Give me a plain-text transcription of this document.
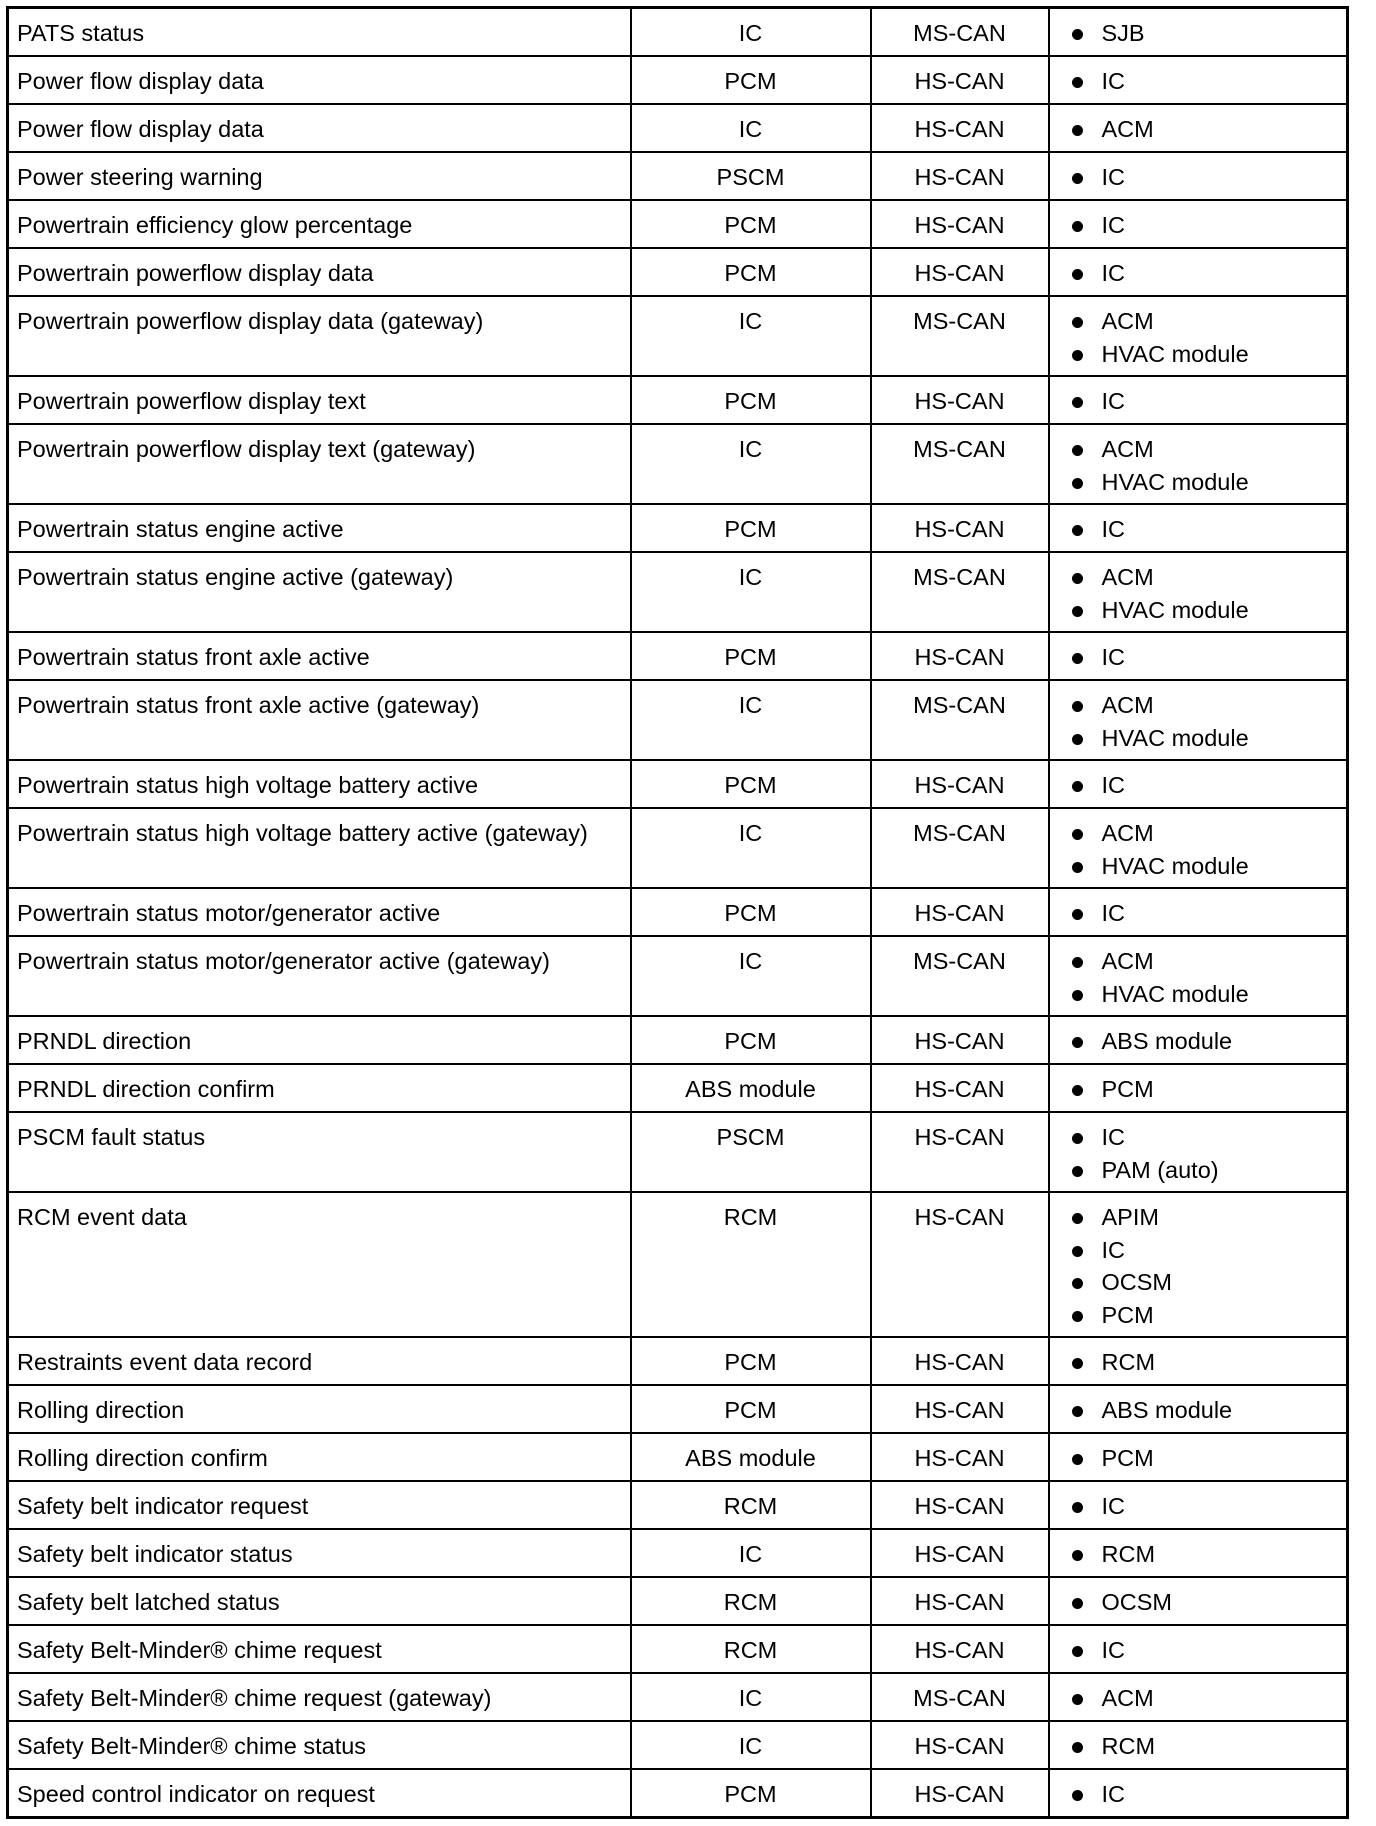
PATS status	IC	MS-CAN	SJB

Power flow display data	PCM	HS-CAN	IC

Power flow display data	IC	HS-CAN	ACM

Power steering warning	PSCM	HS-CAN	IC

Powertrain efficiency glow percentage	PCM	HS-CAN	IC

Powertrain powerflow display data	PCM	HS-CAN	IC

Powertrain powerflow display data (gateway)	IC	MS-CAN	ACM
HVAC module

Powertrain powerflow display text	PCM	HS-CAN	IC

Powertrain powerflow display text (gateway)	IC	MS-CAN	ACM
HVAC module

Powertrain status engine active	PCM	HS-CAN	IC

Powertrain status engine active (gateway)	IC	MS-CAN	ACM
HVAC module

Powertrain status front axle active	PCM	HS-CAN	IC

Powertrain status front axle active (gateway)	IC	MS-CAN	ACM
HVAC module

Powertrain status high voltage battery active	PCM	HS-CAN	IC

Powertrain status high voltage battery active (gateway)	IC	MS-CAN	ACM
HVAC module

Powertrain status motor/generator active	PCM	HS-CAN	IC

Powertrain status motor/generator active (gateway)	IC	MS-CAN	ACM
HVAC module

PRNDL direction	PCM	HS-CAN	ABS module

PRNDL direction confirm	ABS module	HS-CAN	PCM

PSCM fault status	PSCM	HS-CAN	IC
PAM (auto)

RCM event data	RCM	HS-CAN	APIM
IC
OCSM
PCM

Restraints event data record	PCM	HS-CAN	RCM

Rolling direction	PCM	HS-CAN	ABS module

Rolling direction confirm	ABS module	HS-CAN	PCM

Safety belt indicator request	RCM	HS-CAN	IC

Safety belt indicator status	IC	HS-CAN	RCM

Safety belt latched status	RCM	HS-CAN	OCSM

Safety Belt-Minder® chime request	RCM	HS-CAN	IC

Safety Belt-Minder® chime request (gateway)	IC	MS-CAN	ACM

Safety Belt-Minder® chime status	IC	HS-CAN	RCM

Speed control indicator on request	PCM	HS-CAN	IC
